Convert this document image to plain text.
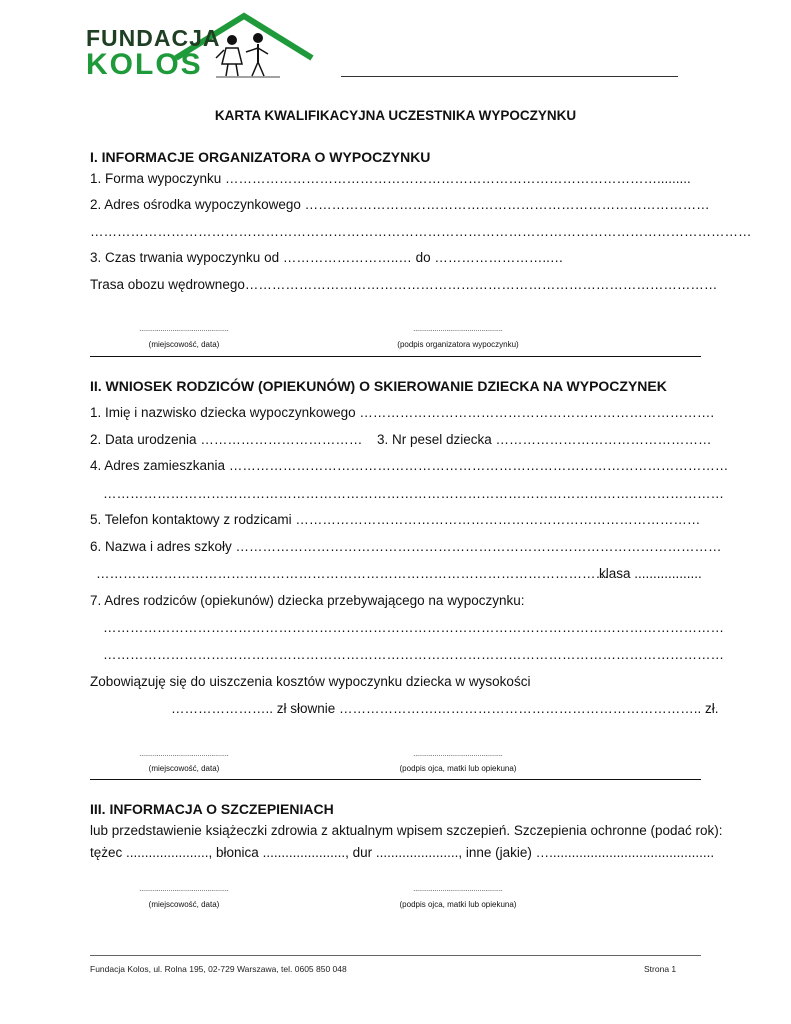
FUNDACJA
KOLOS
KARTA KWALIFIKACYJNA UCZESTNIKA WYPOCZYNKU
I. INFORMACJE ORGANIZATORA O WYPOCZYNKU
1. Forma wypoczynku …………………………………………………………………………………….........
2. Adres ośrodka wypoczynkowego ………………………………………………………………………………
…………………………………………………………………………………………………………………………………
3. Czas trwania wypoczynku od ……………………..… do ……………………..…
Trasa obozu wędrownego……………………………………………………………………………………………
..............................................
(miejscowość, data)
..............................................
(podpis organizatora wypoczynku)
II. WNIOSEK RODZICÓW (OPIEKUNÓW) O SKIEROWANIE DZIECKA NA WYPOCZYNEK
1. Imię i nazwisko dziecka wypoczynkowego …………………………………………………………………….
2. Data urodzenia ……………………………… 3. Nr pesel dziecka …………………………………………
4. Adres zamieszkania …………………………………………………………………………………………………
…………………………………………………………………………………………………………………………
5. Telefon kontaktowy z rodzicami ………………………………………………………………………………
6. Nazwa i adres szkoły ………………………………………………………………………………………………
……………………………………………………………………………………………………
klasa ..................
7. Adres rodziców (opiekunów) dziecka przebywającego na wypoczynku:
…………………………………………………………………………………………………………………………
…………………………………………………………………………………………………………………………
Zobowiązuję się do uiszczenia kosztów wypoczynku dziecka w wysokości
………………….. zł słownie ………………….………………………………………………….. zł.
..............................................
(miejscowość, data)
..............................................
(podpis ojca, matki lub opiekuna)
III. INFORMACJA O SZCZEPIENIACH
lub przedstawienie książeczki zdrowia z aktualnym wpisem szczepień. Szczepienia ochronne (podać rok):
tężec ......................, błonica ......................, dur ......................, inne (jakie) …............................................
..............................................
(miejscowość, data)
..............................................
(podpis ojca, matki lub opiekuna)
Fundacja Kolos, ul. Rolna 195, 02-729 Warszawa, tel. 0605 850 048	Strona 1
